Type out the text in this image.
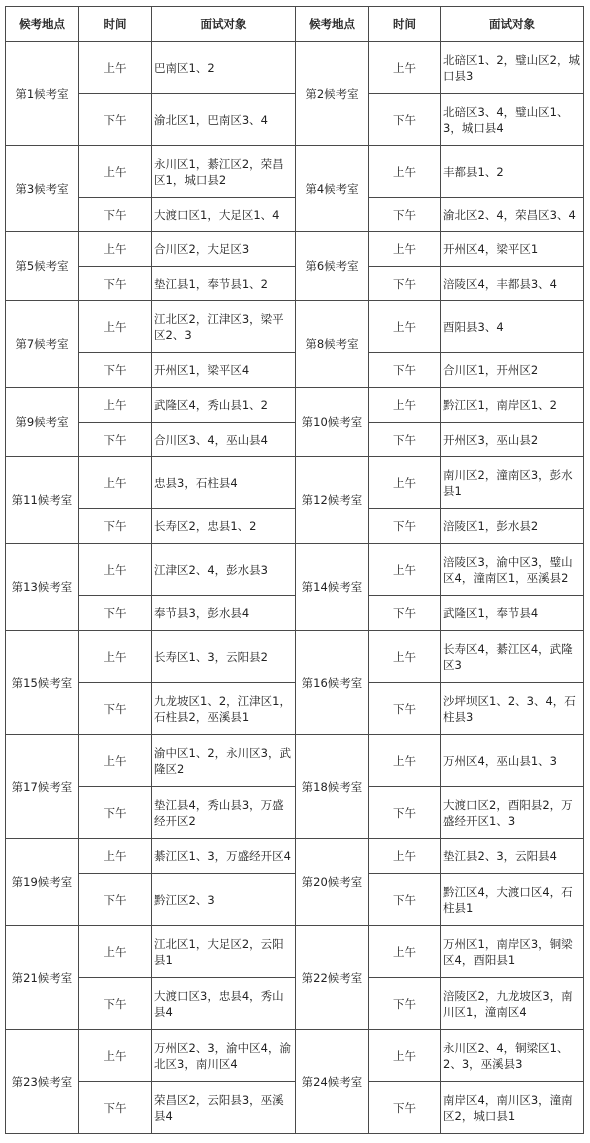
候考地点	时间	面试对象	候考地点	时间	面试对象
第1候考室	上午	巴南区1、2	第2候考室	上午	北碚区1、2，璧山区2，城口县3
	下午	渝北区1，巴南区3、4		下午	北碚区3、4，璧山区1、3，城口县4
第3候考室	上午	永川区1，綦江区2，荣昌区1，城口县2	第4候考室	上午	丰都县1、2
	下午	大渡口区1，大足区1、4		下午	渝北区2、4，荣昌区3、4
第5候考室	上午	合川区2，大足区3	第6候考室	上午	开州区4，梁平区1
	下午	垫江县1，奉节县1、2		下午	涪陵区4，丰都县3、4
第7候考室	上午	江北区2，江津区3，梁平区2、3	第8候考室	上午	酉阳县3、4
	下午	开州区1，梁平区4		下午	合川区1，开州区2
第9候考室	上午	武隆区4，秀山县1、2	第10候考室	上午	黔江区1，南岸区1、2
	下午	合川区3、4，巫山县4		下午	开州区3，巫山县2
第11候考室	上午	忠县3，石柱县4	第12候考室	上午	南川区2，潼南区3，彭水县1
	下午	长寿区2，忠县1、2		下午	涪陵区1，彭水县2
第13候考室	上午	江津区2、4，彭水县3	第14候考室	上午	涪陵区3，渝中区3，璧山区4，潼南区1，巫溪县2
	下午	奉节县3，彭水县4		下午	武隆区1，奉节县4
第15候考室	上午	长寿区1、3，云阳县2	第16候考室	上午	长寿区4，綦江区4，武隆区3
	下午	九龙坡区1、2，江津区1，石柱县2，巫溪县1		下午	沙坪坝区1、2、3、4，石柱县3
第17候考室	上午	渝中区1、2，永川区3，武隆区2	第18候考室	上午	万州区4，巫山县1、3
	下午	垫江县4，秀山县3，万盛经开区2		下午	大渡口区2，酉阳县2，万盛经开区1、3
第19候考室	上午	綦江区1、3，万盛经开区4	第20候考室	上午	垫江县2、3，云阳县4
	下午	黔江区2、3		下午	黔江区4，大渡口区4，石柱县1
第21候考室	上午	江北区1，大足区2，云阳县1	第22候考室	上午	万州区1，南岸区3，铜梁区4，酉阳县1
	下午	大渡口区3，忠县4，秀山县4		下午	涪陵区2，九龙坡区3，南川区1，潼南区4
第23候考室	上午	万州区2、3，渝中区4，渝北区3，南川区4	第24候考室	上午	永川区2、4，铜梁区1、2、3，巫溪县3
	下午	荣昌区2，云阳县3，巫溪县4		下午	南岸区4，南川区3，潼南区2，城口县1
